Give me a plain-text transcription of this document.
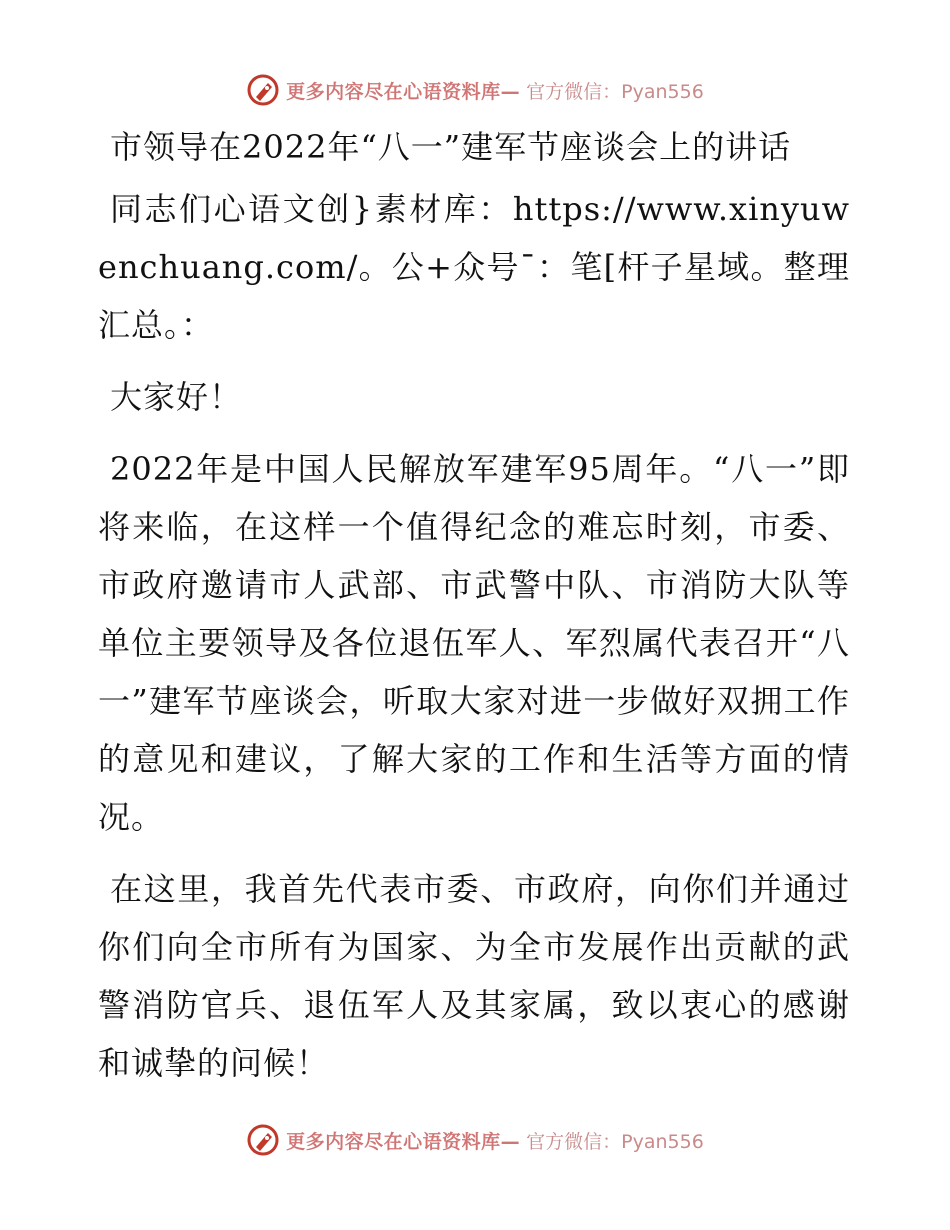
更多内容尽在心语资料库— 官方微信：Pyan556
市领导在2022年“八一”建军节座谈会上的讲话

同志们心语文创}素材库：https://www.xinyuwenchuang.com/。公+众号¯：笔[杆子星域。整理汇总。：

大家好！

2022年是中国人民解放军建军95周年。“八一”即将来临，在这样一个值得纪念的难忘时刻，市委、市政府邀请市人武部、市武警中队、市消防大队等单位主要领导及各位退伍军人、军烈属代表召开“八一”建军节座谈会，听取大家对进一步做好双拥工作的意见和建议，了解大家的工作和生活等方面的情况。

在这里，我首先代表市委、市政府，向你们并通过你们向全市所有为国家、为全市发展作出贡献的武警消防官兵、退伍军人及其家属，致以衷心的感谢和诚挚的问候！

更多内容尽在心语资料库— 官方微信：Pyan556
